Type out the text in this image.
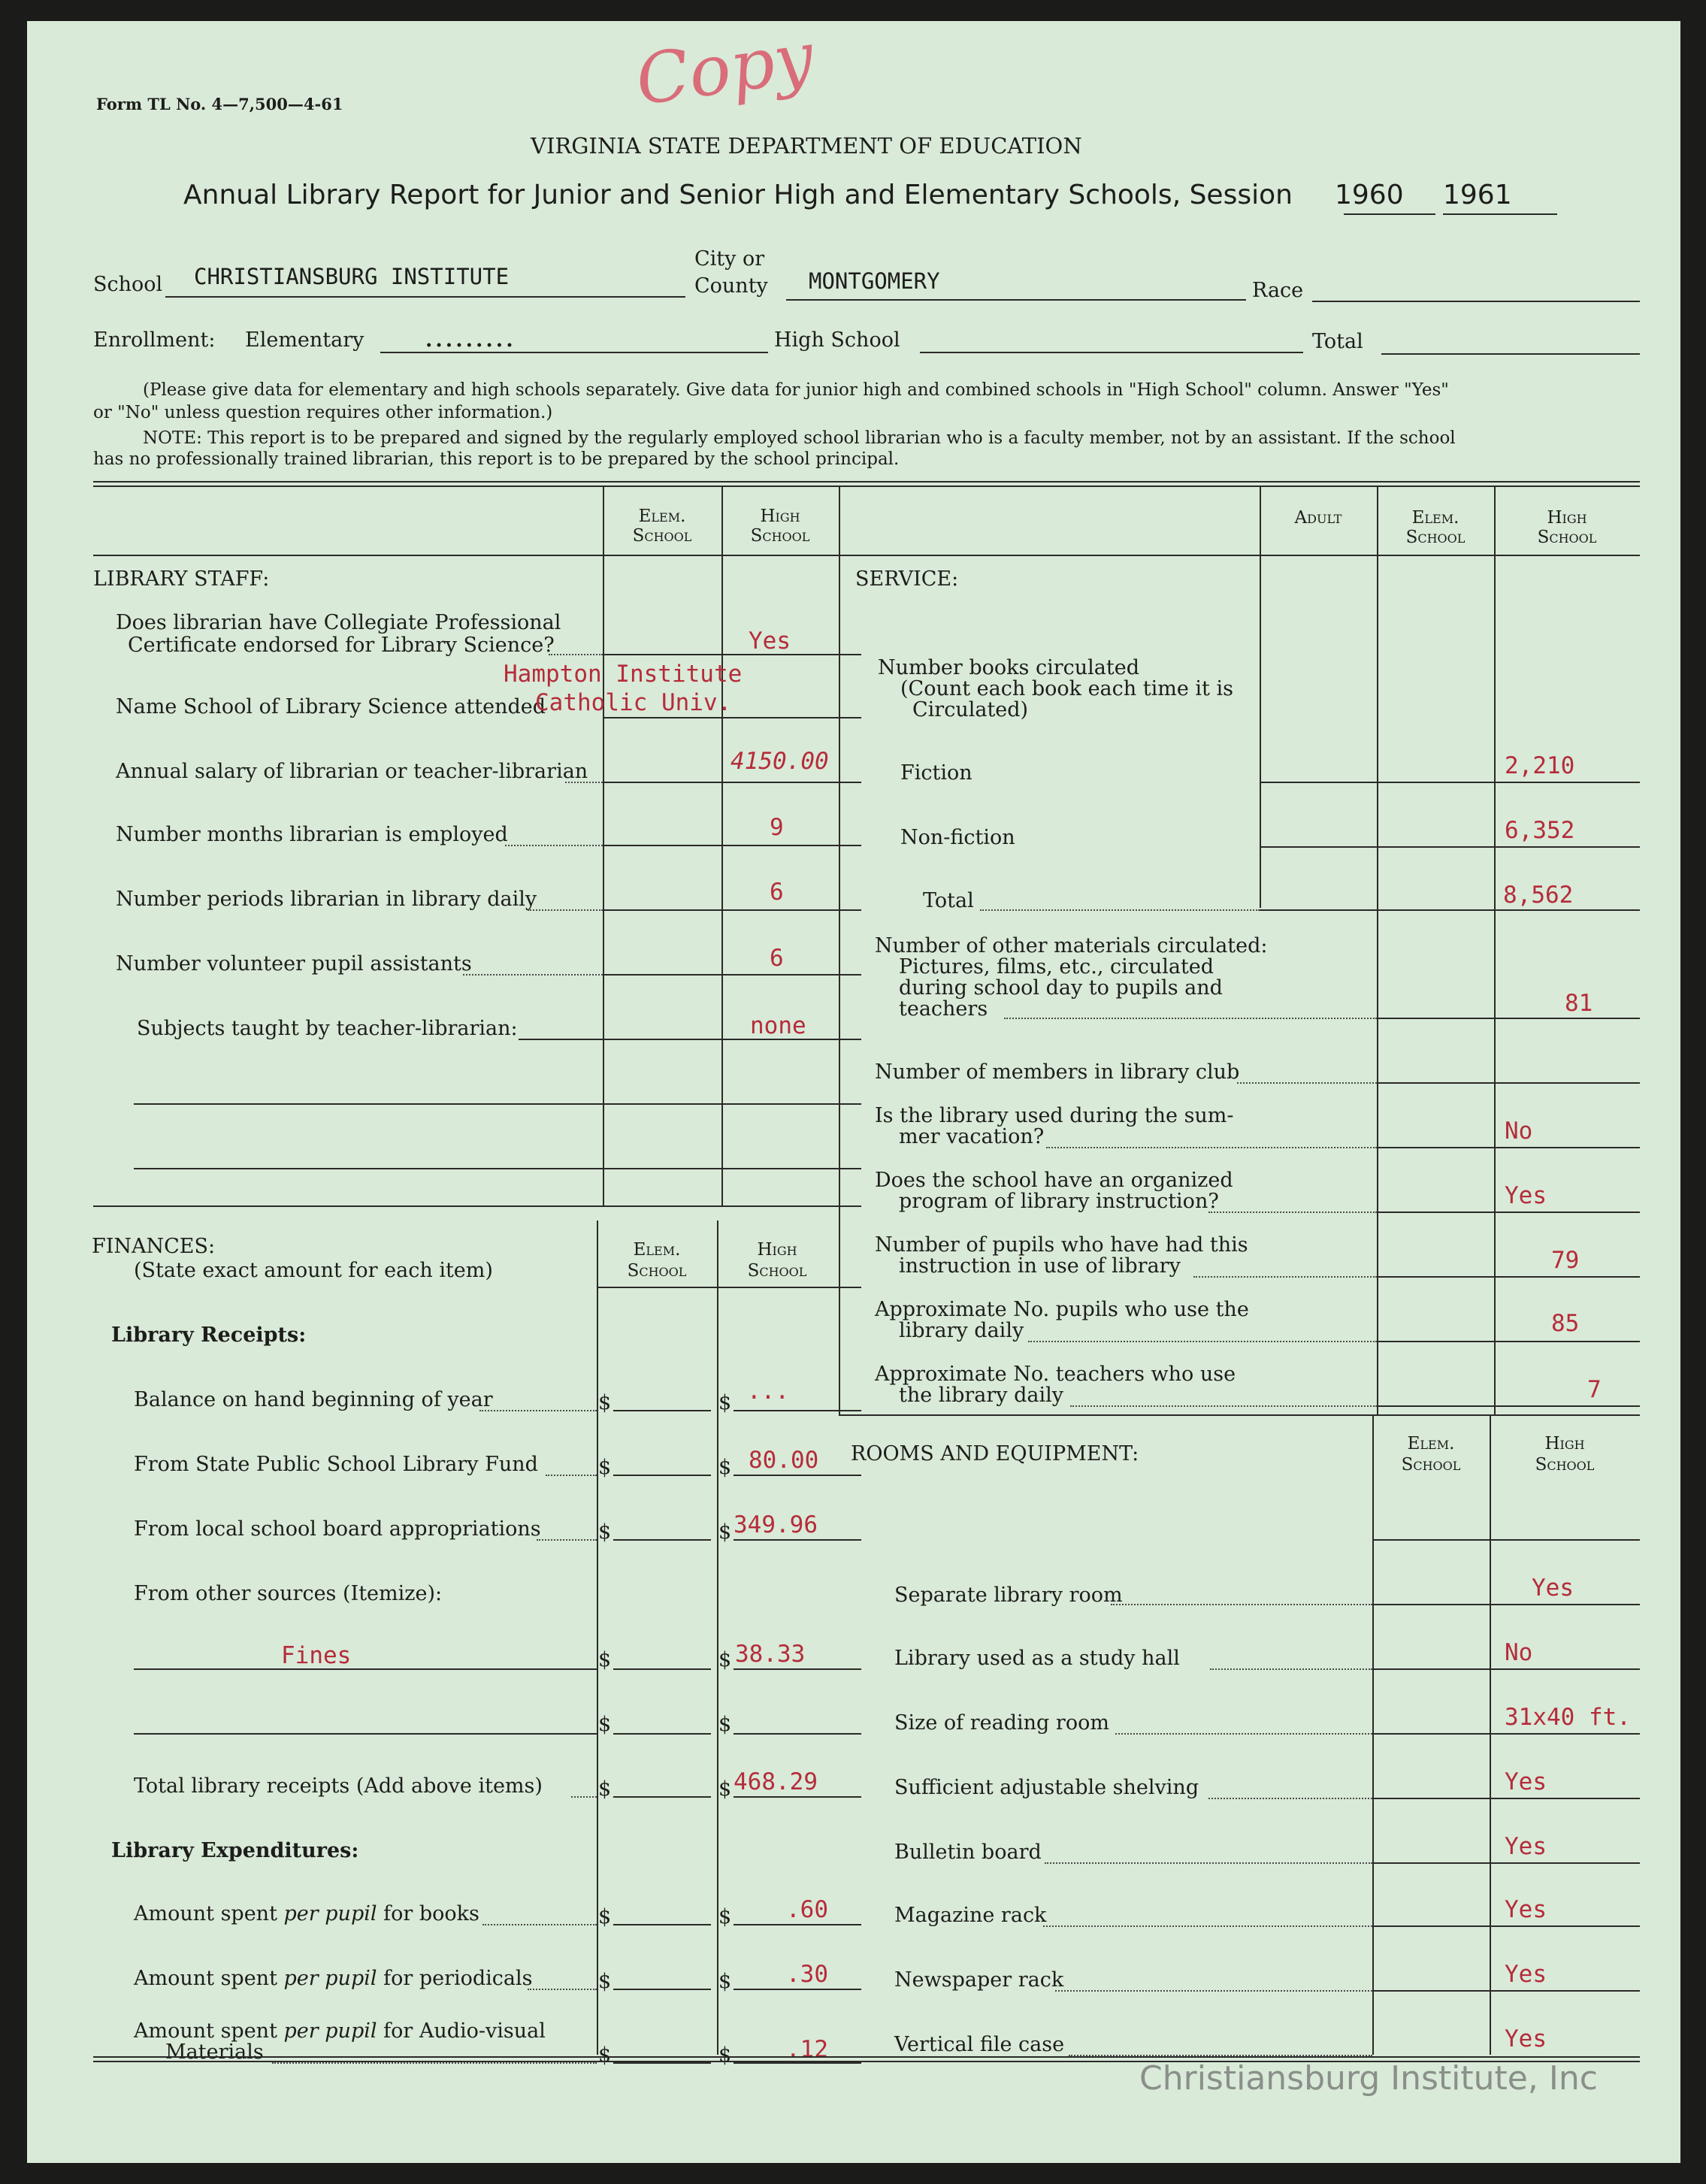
Copy
Form TL No. 4—7,500—4-61
VIRGINIA STATE DEPARTMENT OF EDUCATION
Annual Library Report for Junior and Senior High and Elementary Schools, Session 1960 1961
School CHRISTIANSBURG INSTITUTE
City or
County MONTGOMERY	Race
Enrollment: Elementary	.........	High School	Total
(Please give data for elementary and high schools separately. Give data for junior high and combined schools in "High School" column. Answer "Yes"
or "No" unless question requires other information.)
NOTE: This report is to be prepared and signed by the regularly employed school librarian who is a faculty member, not by an assistant. If the school
has no professionally trained librarian, this report is to be prepared by the school principal.
Elem.
School
High
School
Adult	Elem.
School
High
School
LIBRARY STAFF:
Does librarian have Collegiate Professional
Certificate endorsed for Library Science?	Yes
Hampton Institute
Name School of Library Science attended
Catholic Univ.
Annual salary of librarian or teacher-librarian	4150.00
Number months librarian is employed	9
Number periods librarian in library daily	6
Number volunteer pupil assistants	6
Subjects taught by teacher-librarian:	none
FINANCES:
(State exact amount for each item)
Elem.
School
High
School
Library Receipts:
Balance on hand beginning of year	$	$ ...
From State Public School Library Fund	$	$ 80.00
From local school board appropriations	$	$ 349.96
From other sources (Itemize):
Fines	$	$ 38.33
$	$
Total library receipts (Add above items)	$	$ 468.29
Library Expenditures:
Amount spent per pupil for books	$	$ .60
Amount spent per pupil for periodicals	$	$ .30
Amount spent per pupil for Audio-visual
Materials	$	$ .12
SERVICE:
Number books circulated
(Count each book each time it is
Circulated)
Fiction	2,210
Non-fiction	6,352
Total	8,562
Number of other materials circulated:
Pictures, films, etc., circulated
during school day to pupils and
teachers	81
Number of members in library club
Is the library used during the sum-
mer vacation?	No
Does the school have an organized
program of library instruction?	Yes
Number of pupils who have had this
instruction in use of library	79
Approximate No. pupils who use the
library daily	85
Approximate No. teachers who use
the library daily	7
ROOMS AND EQUIPMENT:	Elem.
School
High
School
Separate library room	Yes
Library used as a study hall	No
Size of reading room	31x40 ft.
Sufficient adjustable shelving	Yes
Bulletin board	Yes
Magazine rack	Yes
Newspaper rack	Yes
Vertical file case	Yes
Christiansburg Institute, Inc
